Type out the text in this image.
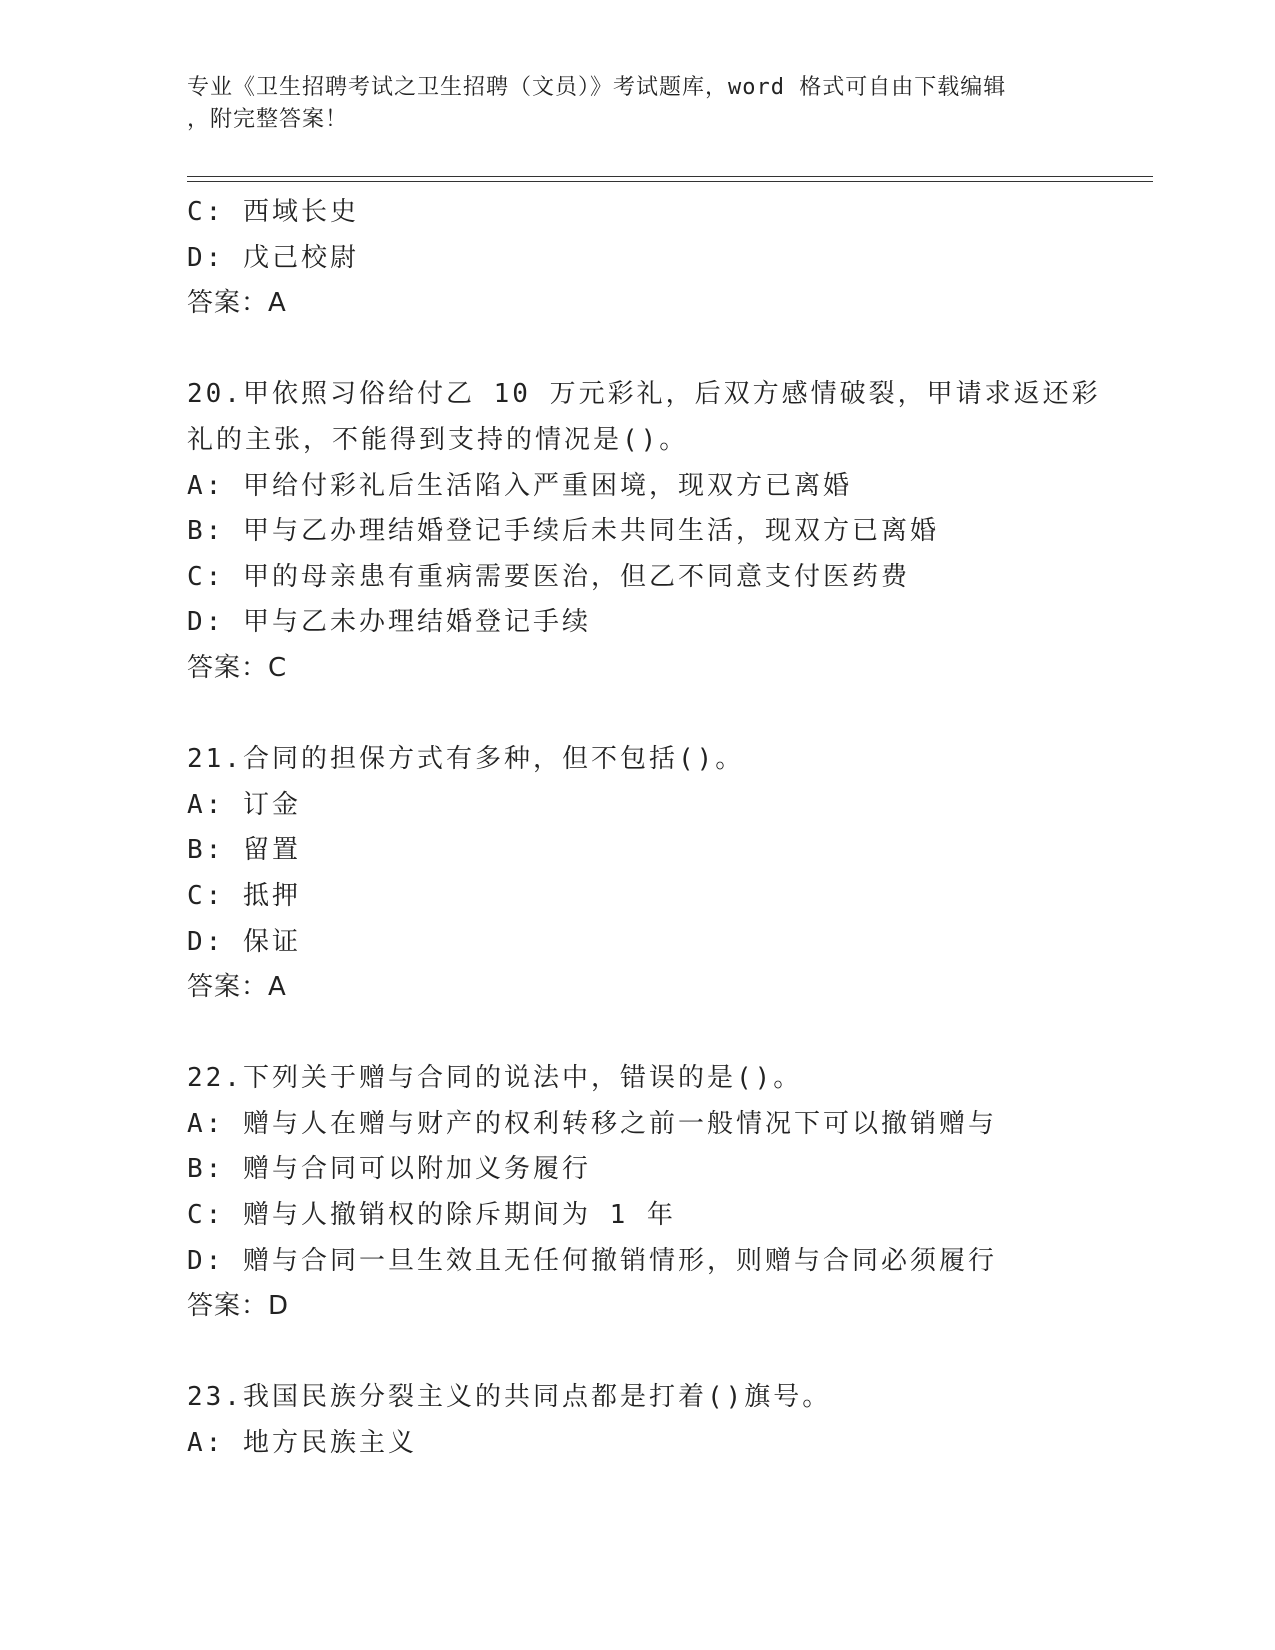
专业《卫生招聘考试之卫生招聘（文员）》考试题库，word 格式可自由下载编辑
，附完整答案！
C: 西域长史
D: 戊己校尉
答案：A
20.甲依照习俗给付乙 10 万元彩礼，后双方感情破裂，甲请求返还彩
礼的主张，不能得到支持的情况是()。
A: 甲给付彩礼后生活陷入严重困境，现双方已离婚
B: 甲与乙办理结婚登记手续后未共同生活，现双方已离婚
C: 甲的母亲患有重病需要医治，但乙不同意支付医药费
D: 甲与乙未办理结婚登记手续
答案：C
21.合同的担保方式有多种，但不包括()。
A: 订金
B: 留置
C: 抵押
D: 保证
答案：A
22.下列关于赠与合同的说法中，错误的是()。
A: 赠与人在赠与财产的权利转移之前一般情况下可以撤销赠与
B: 赠与合同可以附加义务履行
C: 赠与人撤销权的除斥期间为 1 年
D: 赠与合同一旦生效且无任何撤销情形，则赠与合同必须履行
答案：D
23.我国民族分裂主义的共同点都是打着()旗号。
A: 地方民族主义
